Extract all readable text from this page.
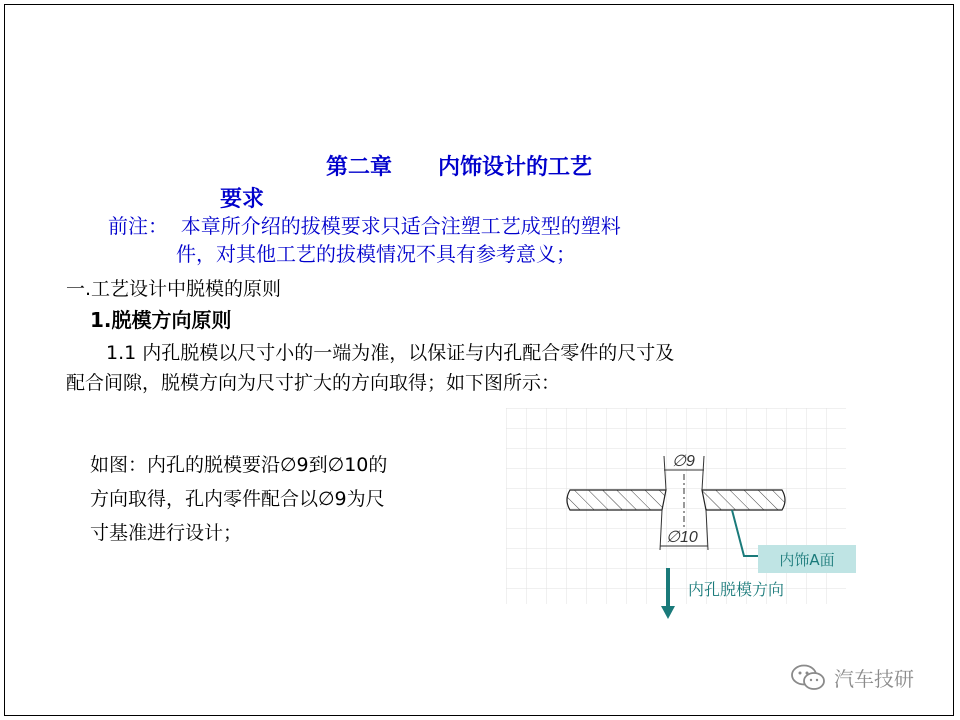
第二章      内饰设计的工艺
要求
前注：  本章所介绍的拔模要求只适合注塑工艺成型的塑料
件，对其他工艺的拔模情况不具有参考意义；
一.工艺设计中脱模的原则
1.脱模方向原则
1.1 内孔脱模以尺寸小的一端为准，以保证与内孔配合零件的尺寸及
配合间隙，脱模方向为尺寸扩大的方向取得；如下图所示：
如图：内孔的脱模要沿∅9到∅10的
方向取得，孔内零件配合以∅9为尺
寸基准进行设计；
∅9
∅10
内饰A面
内孔脱模方向
汽车技研
